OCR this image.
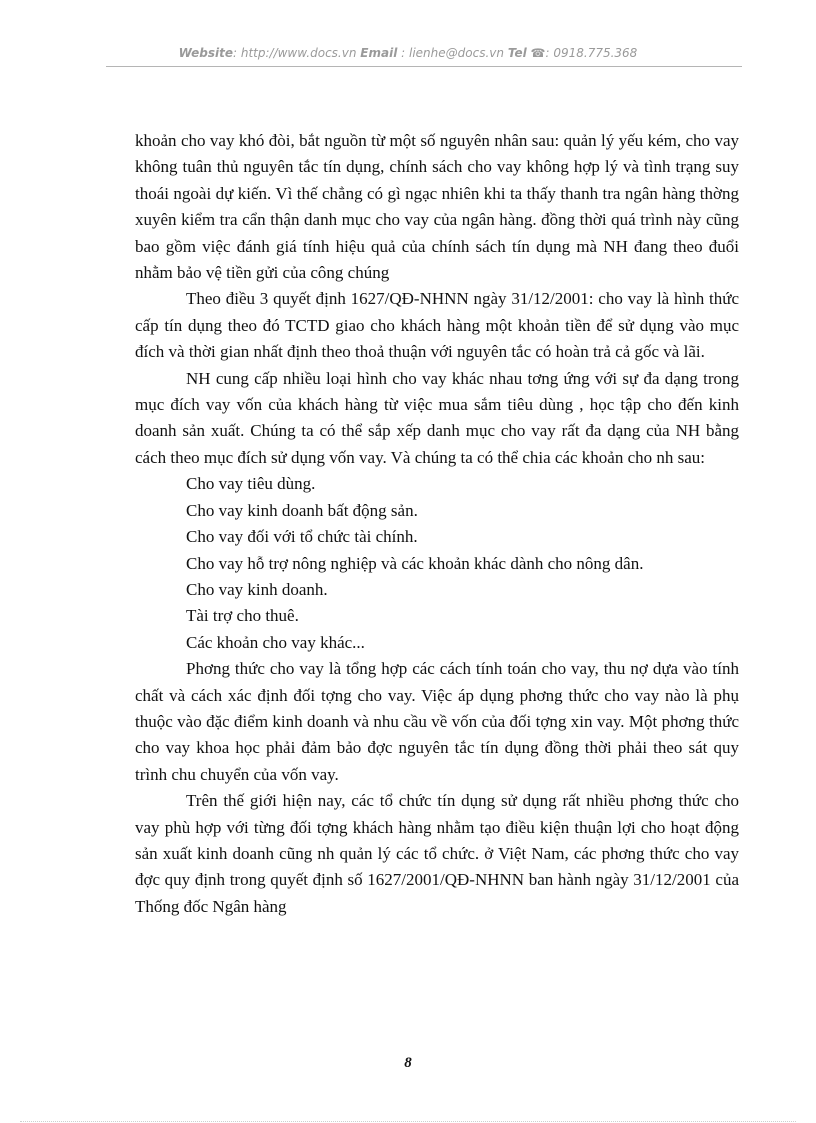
Website: http://www.docs.vn Email : lienhe@docs.vn Tel ☎: 0918.775.368

khoản cho vay khó đòi, bắt nguồn từ một số nguyên nhân sau: quản lý yếu kém, cho vay không tuân thủ nguyên tắc tín dụng, chính sách cho vay không hợp lý và tình trạng suy thoái ngoài dự kiến. Vì thế chẳng có gì ngạc nhiên khi ta thấy thanh tra ngân hàng thờng xuyên kiểm tra cẩn thận danh mục cho vay của ngân hàng. đồng thời quá trình này cũng bao gồm việc đánh giá tính hiệu quả của chính sách tín dụng mà NH đang theo đuổi nhằm bảo vệ tiền gửi của công chúng

Theo điều 3 quyết định 1627/QĐ-NHNN ngày 31/12/2001: cho vay là hình thức cấp tín dụng theo đó TCTD giao cho khách hàng một khoản tiền để sử dụng vào mục đích và thời gian nhất định theo thoả thuận với nguyên tắc có hoàn trả cả gốc và lãi.

NH cung cấp nhiều loại hình cho vay khác nhau tơng ứng với sự đa dạng trong mục đích vay vốn của khách hàng từ việc mua sắm tiêu dùng , học tập cho đến kinh doanh sản xuất. Chúng ta có thể sắp xếp danh mục cho vay rất đa dạng của NH bằng cách theo mục đích sử dụng vốn vay. Và chúng ta có thể chia các khoản cho nh sau:

Cho vay tiêu dùng.

Cho vay kinh doanh bất động sản.

Cho vay đối với tổ chức tài chính.

Cho vay hỗ trợ nông nghiệp và các khoản khác dành cho nông dân.

Cho vay kinh doanh.

Tài trợ cho thuê.

Các khoản cho vay khác...

Phơng thức cho vay là tổng hợp các cách tính toán cho vay, thu nợ dựa vào tính chất và cách xác định đối tợng cho vay. Việc áp dụng phơng thức cho vay nào là phụ thuộc vào đặc điểm kinh doanh và nhu cầu về vốn của đối tợng xin vay. Một phơng thức cho vay khoa học phải đảm bảo đợc nguyên tắc tín dụng đồng thời phải theo sát quy trình chu chuyển của vốn vay.

Trên thế giới hiện nay, các tổ chức tín dụng sử dụng rất nhiều phơng thức cho vay phù hợp với từng đối tợng khách hàng nhằm tạo điều kiện thuận lợi cho hoạt động sản xuất kinh doanh cũng nh quản lý các tổ chức. ở Việt Nam, các phơng thức cho vay đợc quy định trong quyết định số 1627/2001/QĐ-NHNN ban hành ngày 31/12/2001 của Thống đốc Ngân hàng

8
